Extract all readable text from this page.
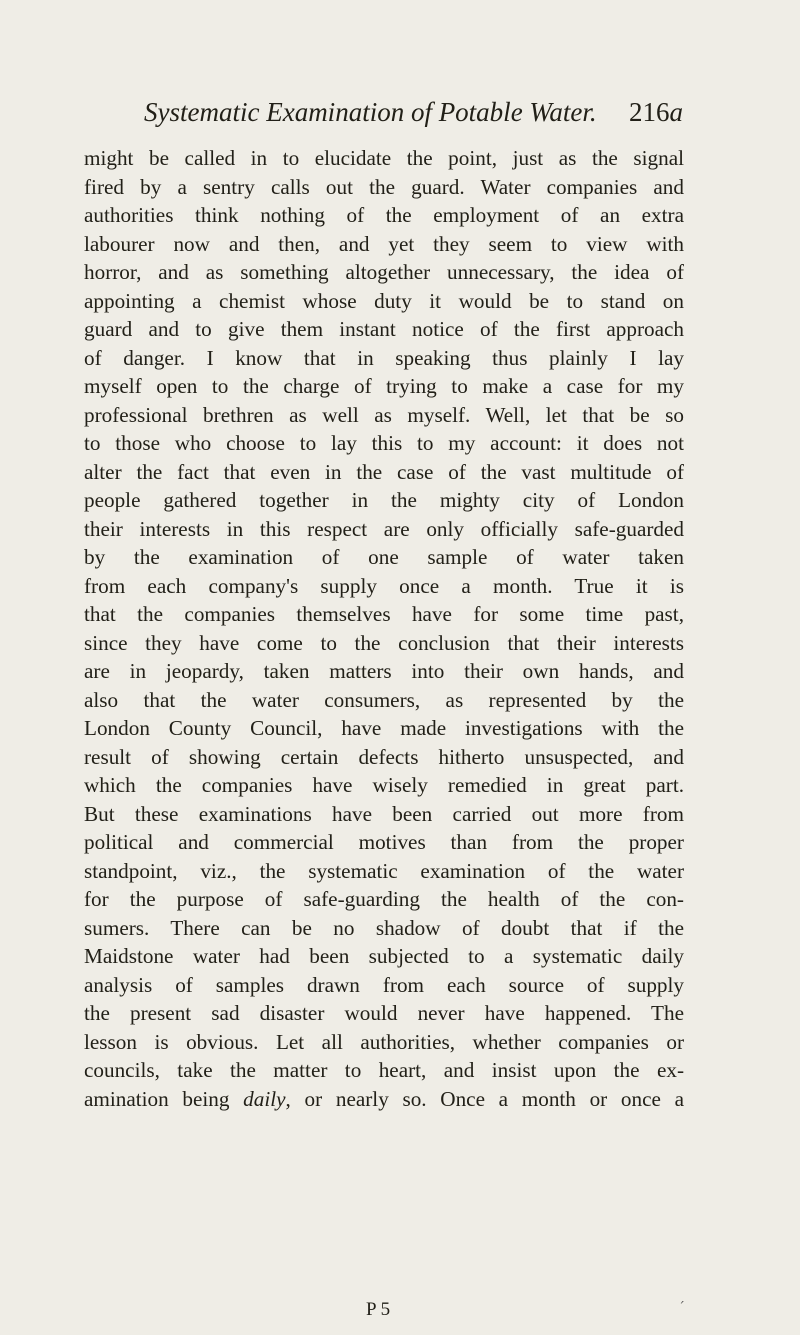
Systematic Examination of Potable Water. 216a
might be called in to elucidate the point, just as the signal
fired by a sentry calls out the guard. Water companies and
authorities think nothing of the employment of an extra
labourer now and then, and yet they seem to view with
horror, and as something altogether unnecessary, the idea of
appointing a chemist whose duty it would be to stand on
guard and to give them instant notice of the first approach
of danger. I know that in speaking thus plainly I lay
myself open to the charge of trying to make a case for my
professional brethren as well as myself. Well, let that be so
to those who choose to lay this to my account: it does not
alter the fact that even in the case of the vast multitude of
people gathered together in the mighty city of London
their interests in this respect are only officially safe-guarded
by the examination of one sample of water taken
from each company's supply once a month. True it is
that the companies themselves have for some time past,
since they have come to the conclusion that their interests
are in jeopardy, taken matters into their own hands, and
also that the water consumers, as represented by the
London County Council, have made investigations with the
result of showing certain defects hitherto unsuspected, and
which the companies have wisely remedied in great part.
But these examinations have been carried out more from
political and commercial motives than from the proper
standpoint, viz., the systematic examination of the water
for the purpose of safe-guarding the health of the con-
sumers. There can be no shadow of doubt that if the
Maidstone water had been subjected to a systematic daily
analysis of samples drawn from each source of supply
the present sad disaster would never have happened. The
lesson is obvious. Let all authorities, whether companies or
councils, take the matter to heart, and insist upon the ex-
amination being daily, or nearly so. Once a month or once a
P 5	ˊ
